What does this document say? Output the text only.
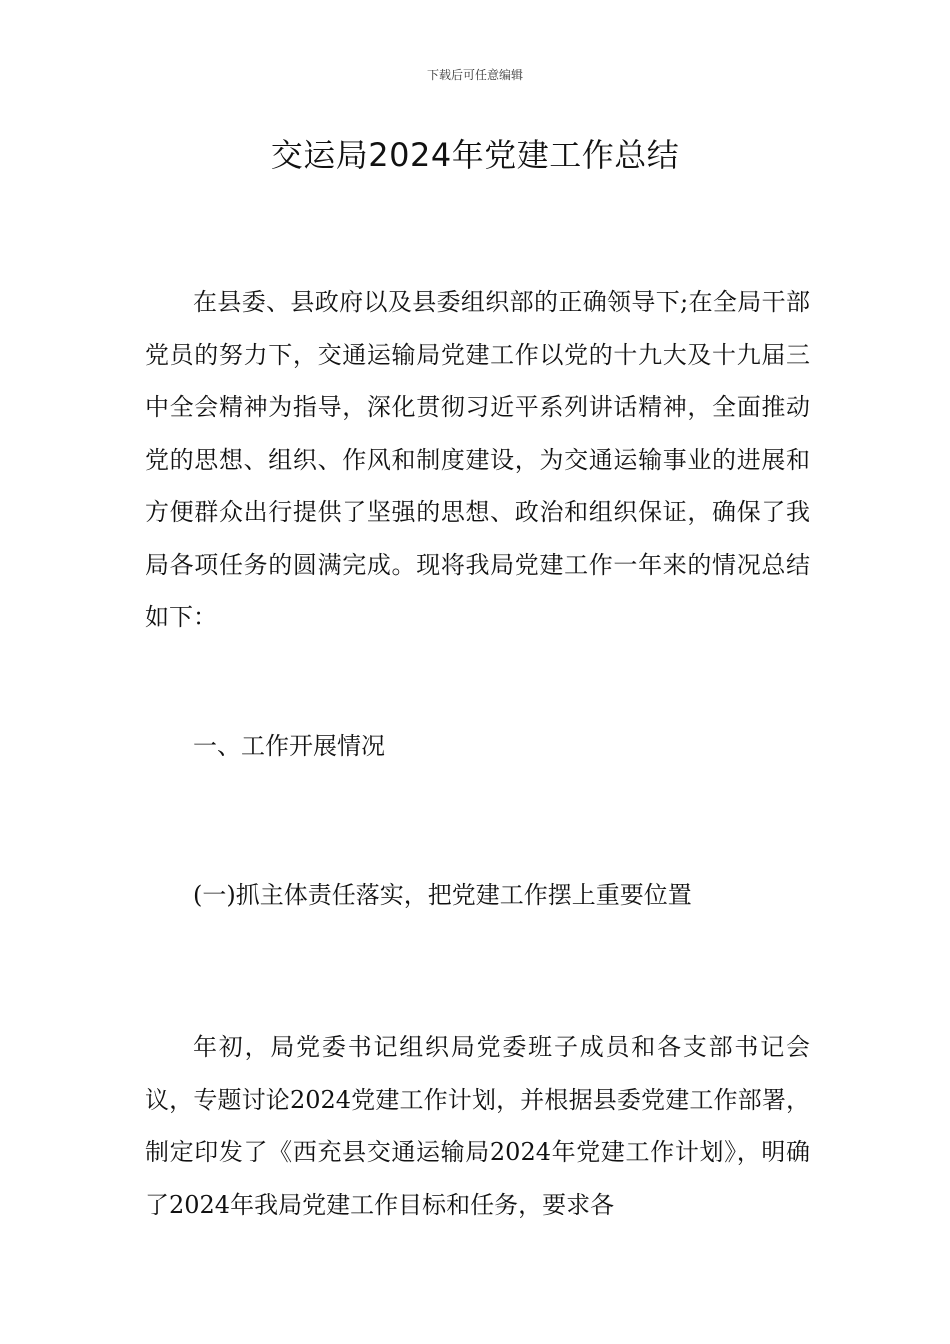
下载后可任意编辑
交运局2024年党建工作总结

在县委、县政府以及县委组织部的正确领导下;在全局干部党员的努力下，交通运输局党建工作以党的十九大及十九届三中全会精神为指导，深化贯彻习近平系列讲话精神，全面推动党的思想、组织、作风和制度建设，为交通运输事业的进展和方便群众出行提供了坚强的思想、政治和组织保证，确保了我局各项任务的圆满完成。现将我局党建工作一年来的情况总结如下：

一、工作开展情况
(一)抓主体责任落实，把党建工作摆上重要位置

年初，局党委书记组织局党委班子成员和各支部书记会议，专题讨论2024党建工作计划，并根据县委党建工作部署，制定印发了《西充县交通运输局2024年党建工作计划》，明确了2024年我局党建工作目标和任务，要求各
